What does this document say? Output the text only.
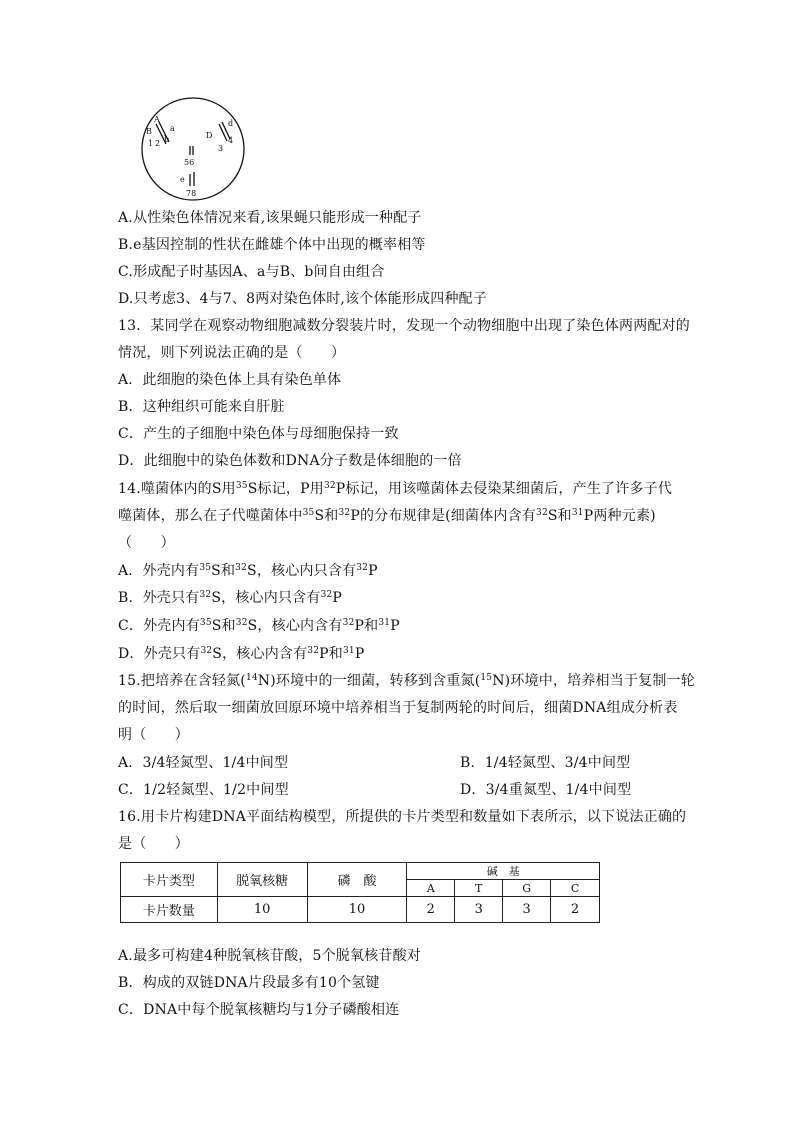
A
B a
b
1 2
D
d
3
4
56
e
78
A.从性染色体情况来看,该果蝇只能形成一种配子
B.e基因控制的性状在雌雄个体中出现的概率相等
C.形成配子时基因A、a与B、b间自由组合
D.只考虑3、4与7、8两对染色体时,该个体能形成四种配子
13．某同学在观察动物细胞减数分裂装片时，发现一个动物细胞中出现了染色体两两配对的
情况，则下列说法正确的是（　　）
A．此细胞的染色体上具有染色单体
B．这种组织可能来自肝脏
C．产生的子细胞中染色体与母细胞保持一致
D．此细胞中的染色体数和DNA分子数是体细胞的一倍
14.噬菌体内的S用$^{35}$S标记，P用$^{32}$P标记，用该噬菌体去侵染某细菌后，产生了许多子代
噬菌体，那么在子代噬菌体中$^{35}$S和$^{32}$P的分布规律是(细菌体内含有$^{32}$S和$^{31}$P两种元素)
（　　）
A．外壳内有$^{35}$S和$^{32}$S，核心内只含有$^{32}$P
B．外壳只有$^{32}$S，核心内只含有$^{32}$P
C．外壳内有$^{35}$S和$^{32}$S，核心内含有$^{32}$P和$^{31}$P
D．外壳只有$^{32}$S，核心内含有$^{32}$P和$^{31}$P
15.把培养在含轻氮($^{14}$N)环境中的一细菌，转移到含重氮($^{15}$N)环境中，培养相当于复制一轮
的时间，然后取一细菌放回原环境中培养相当于复制两轮的时间后，细菌DNA组成分析表
明（　　）
A．3/4轻氮型、1/4中间型	B．1/4轻氮型、3/4中间型
C．1/2轻氮型、1/2中间型	D．3/4重氮型、1/4中间型
16.用卡片构建DNA平面结构模型，所提供的卡片类型和数量如下表所示，以下说法正确的
是（　　）
卡片类型	脱氧核糖	磷　酸	碱　基			
			A	T	G	C
卡片数量	10	10	2	3	3	2
A.最多可构建4种脱氧核苷酸，5个脱氧核苷酸对
B．构成的双链DNA片段最多有10个氢键
C．DNA中每个脱氧核糖均与1分子磷酸相连
